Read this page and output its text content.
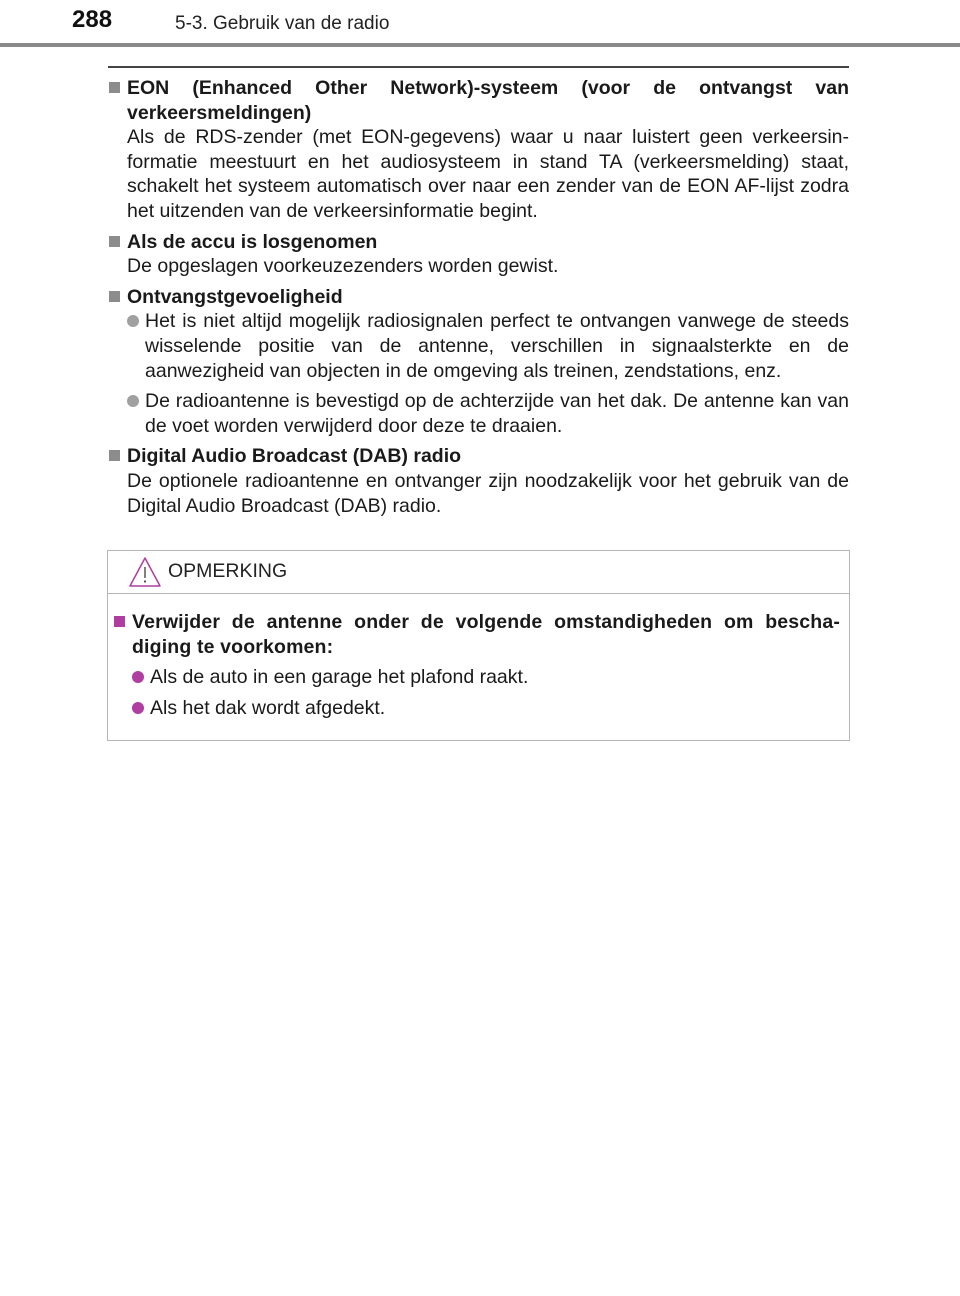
288	5-3. Gebruik van de radio
EON (Enhanced Other Network)-systeem (voor de ontvangst van verkeersmeldingen)
Als de RDS-zender (met EON-gegevens) waar u naar luistert geen verkeersin-formatie meestuurt en het audiosysteem in stand TA (verkeersmelding) staat, schakelt het systeem automatisch over naar een zender van de EON AF-lijst zodra het uitzenden van de verkeersinformatie begint.
Als de accu is losgenomen
De opgeslagen voorkeuzezenders worden gewist.
Ontvangstgevoeligheid
Het is niet altijd mogelijk radiosignalen perfect te ontvangen vanwege de steeds wisselende positie van de antenne, verschillen in signaalsterkte en de aanwezigheid van objecten in de omgeving als treinen, zendstations, enz.
De radioantenne is bevestigd op de achterzijde van het dak. De antenne kan van de voet worden verwijderd door deze te draaien.
Digital Audio Broadcast (DAB) radio
De optionele radioantenne en ontvanger zijn noodzakelijk voor het gebruik van de Digital Audio Broadcast (DAB) radio.
OPMERKING
Verwijder de antenne onder de volgende omstandigheden om bescha-diging te voorkomen:
Als de auto in een garage het plafond raakt.
Als het dak wordt afgedekt.
